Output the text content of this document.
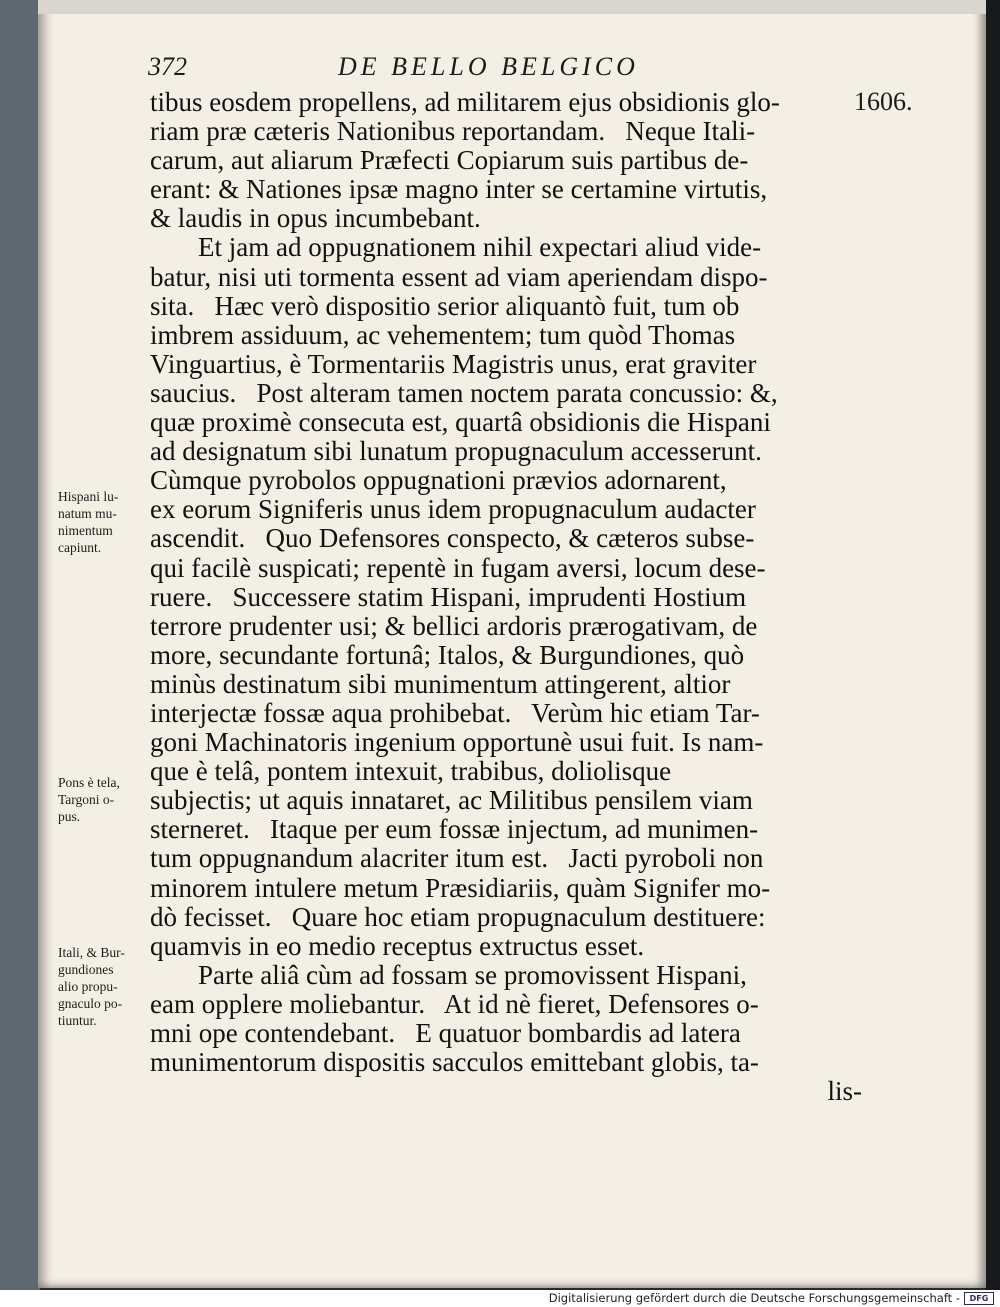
372	DE BELLO BELGICO
1606.
tibus eosdem propellens, ad militarem ejus obsidionis glo-
riam præ cæteris Nationibus reportandam.   Neque Itali-
carum, aut aliarum Præfecti Copiarum suis partibus de-
erant: & Nationes ipsæ magno inter se certamine virtutis,
& laudis in opus incumbebant.
Et jam ad oppugnationem nihil expectari aliud vide-
batur, nisi uti tormenta essent ad viam aperiendam dispo-
sita.   Hæc verò dispositio serior aliquantò fuit, tum ob
imbrem assiduum, ac vehementem; tum quòd Thomas
Vinguartius, è Tormentariis Magistris unus, erat graviter
saucius.   Post alteram tamen noctem parata concussio: &,
quæ proximè consecuta est, quartâ obsidionis die Hispani
ad designatum sibi lunatum propugnaculum accesserunt.
Cùmque pyrobolos oppugnationi prævios adornarent,
ex eorum Signiferis unus idem propugnaculum audacter
ascendit.   Quo Defensores conspecto, & cæteros subse-
qui facilè suspicati; repentè in fugam aversi, locum dese-
ruere.   Successere statim Hispani, imprudenti Hostium
terrore prudenter usi; & bellici ardoris prærogativam, de
more, secundante fortunâ; Italos, & Burgundiones, quò
minùs destinatum sibi munimentum attingerent, altior
interjectæ fossæ aqua prohibebat.   Verùm hic etiam Tar-
goni Machinatoris ingenium opportunè usui fuit. Is nam-
que è telâ, pontem intexuit, trabibus, doliolisque
subjectis; ut aquis innataret, ac Militibus pensilem viam
sterneret.   Itaque per eum fossæ injectum, ad munimen-
tum oppugnandum alacriter itum est.   Jacti pyroboli non
minorem intulere metum Præsidiariis, quàm Signifer mo-
dò fecisset.   Quare hoc etiam propugnaculum destituere:
quamvis in eo medio receptus extructus esset.
Parte aliâ cùm ad fossam se promovissent Hispani,
eam opplere moliebantur.   At id nè fieret, Defensores o-
mni ope contendebant.   E quatuor bombardis ad latera
munimentorum dispositis sacculos emittebant globis, ta-
lis-
Hispani lu-
natum mu-
nimentum
capiunt.
Pons è tela,
Targoni o-
pus.
Itali, & Bur-
gundiones
alio propu-
gnaculo po-
tiuntur.
Digitalisierung gefördert durch die Deutsche Forschungsgemeinschaft -	DFG
